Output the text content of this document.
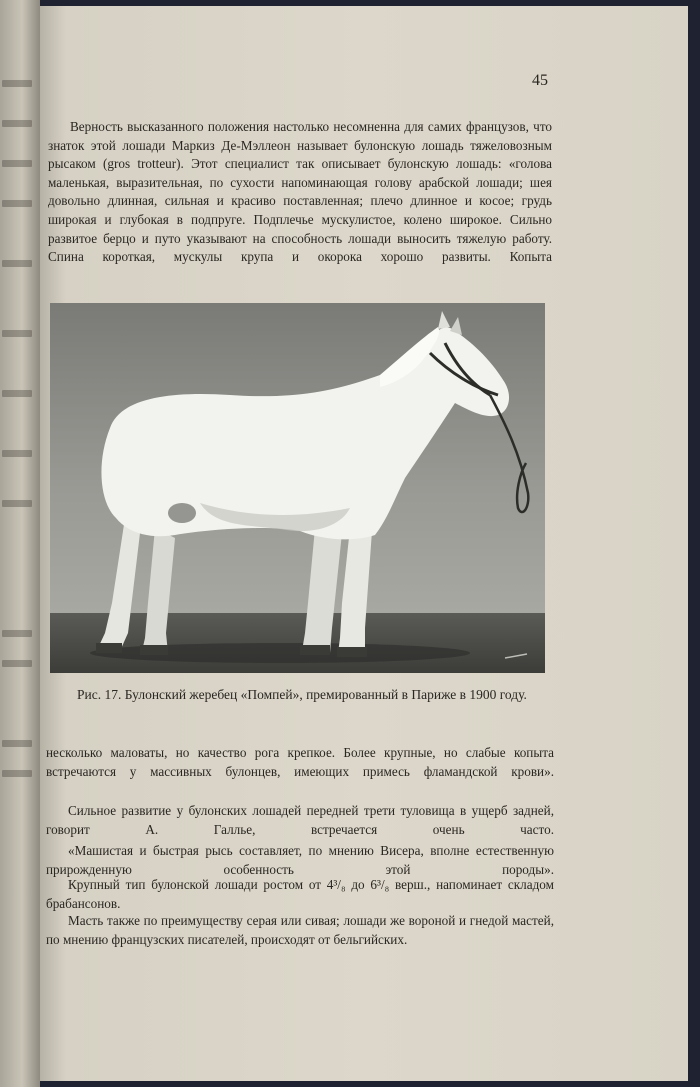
45

Верность высказанного положения настолько несомненна для самих французов, что знаток этой лошади Маркиз Де-Мэллеон называет булонскую лошадь тяжеловозным рысаком (gros trotteur). Этот специалист так описывает булонскую лошадь: «голова маленькая, выразительная, по сухости напоминающая голову арабской лошади; шея довольно длинная, сильная и красиво поставленная; плечо длинное и косое; грудь широкая и глубокая в подпруге. Подплечье мускулистое, колено широкое. Сильно развитое берцо и путо указывают на способность лошади выносить тяжелую работу. Спина короткая, мускулы крупа и окорока хорошо развиты. Копыта

Рис. 17. Булонский жеребец «Помпей», премированный в Париже в 1900 году.

несколько маловаты, но качество рога крепкое. Более крупные, но слабые копыта встречаются у массивных булонцев, имеющих примесь фламандской крови».

Сильное развитие у булонских лошадей передней трети туловища в ущерб задней, говорит А. Галлье, встречается очень часто.

«Машистая и быстрая рысь составляет, по мнению Висера, вполне естественную прирожденную особенность этой породы».

Крупный тип булонской лошади ростом от 4³/₈ до 6³/₈ верш., напоминает складом брабансонов.

Масть также по преимуществу серая или сивая; лошади же вороной и гнедой мастей, по мнению французских писателей, происходят от бельгийских.
